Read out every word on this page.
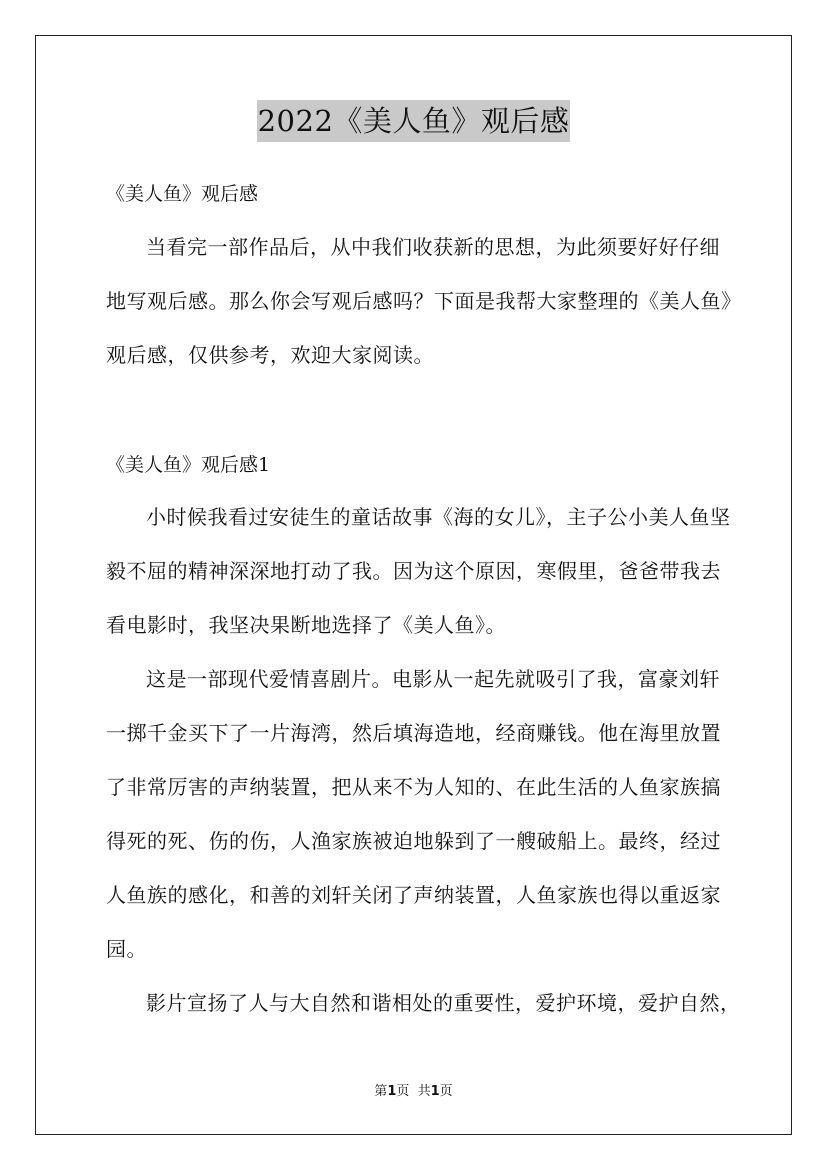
2022《美人鱼》观后感
《美人鱼》观后感
当看完一部作品后，从中我们收获新的思想，为此须要好好仔细
地写观后感。那么你会写观后感吗？下面是我帮大家整理的《美人鱼》
观后感，仅供参考，欢迎大家阅读。
《美人鱼》观后感1
小时候我看过安徒生的童话故事《海的女儿》，主子公小美人鱼坚
毅不屈的精神深深地打动了我。因为这个原因，寒假里，爸爸带我去
看电影时，我坚决果断地选择了《美人鱼》。
这是一部现代爱情喜剧片。电影从一起先就吸引了我，富豪刘轩
一掷千金买下了一片海湾，然后填海造地，经商赚钱。他在海里放置
了非常厉害的声纳装置，把从来不为人知的、在此生活的人鱼家族搞
得死的死、伤的伤，人渔家族被迫地躲到了一艘破船上。最终，经过
人鱼族的感化，和善的刘轩关闭了声纳装置，人鱼家族也得以重返家
园。
影片宣扬了人与大自然和谐相处的重要性，爱护环境，爱护自然，
第1页  共1页
